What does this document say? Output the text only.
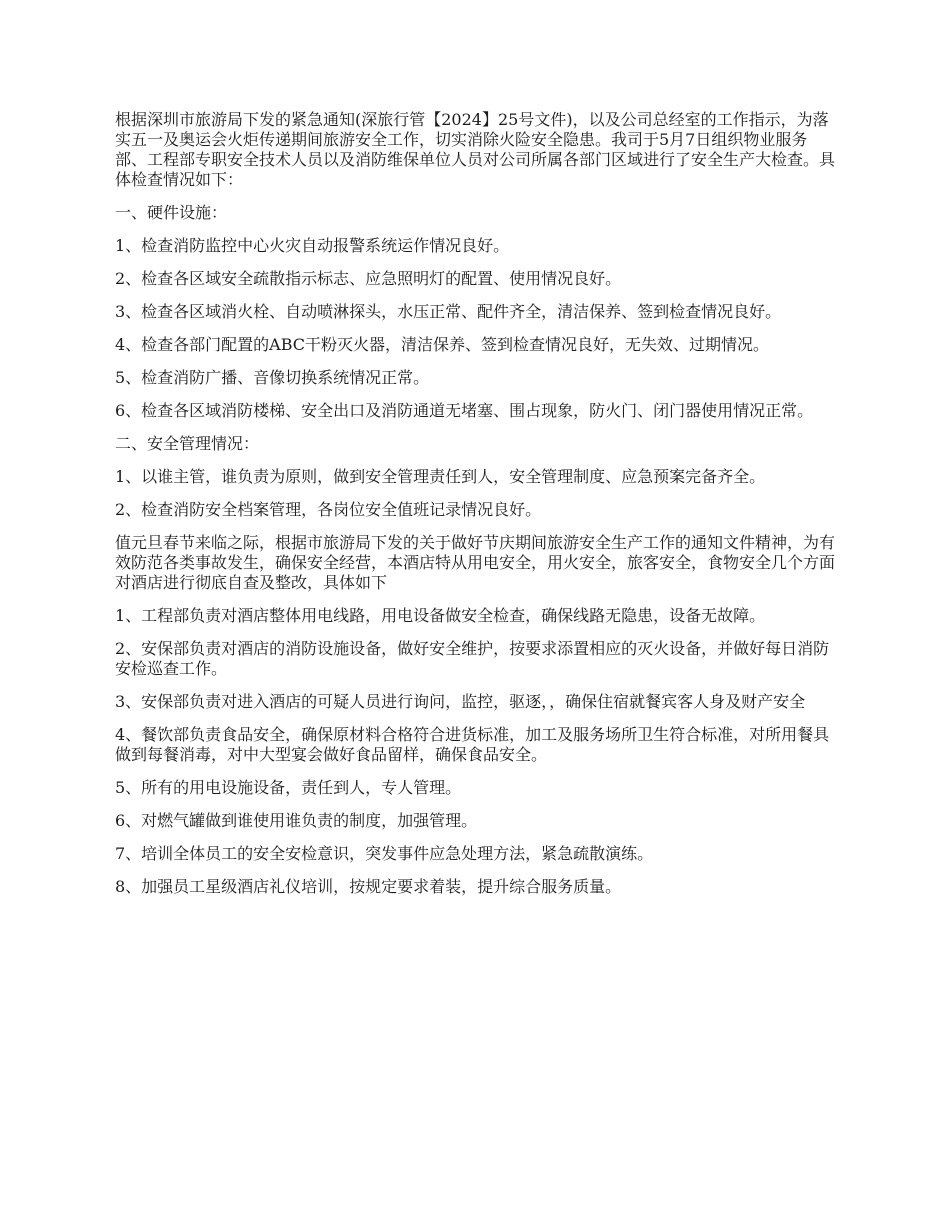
根据深圳市旅游局下发的紧急通知(深旅行管【2024】25号文件)，以及公司总经室的工作指示，为落实五一及奥运会火炬传递期间旅游安全工作，切实消除火险安全隐患。我司于5月7日组织物业服务部、工程部专职安全技术人员以及消防维保单位人员对公司所属各部门区域进行了安全生产大检查。具体检查情况如下：

一、硬件设施：

1、检查消防监控中心火灾自动报警系统运作情况良好。

2、检查各区域安全疏散指示标志、应急照明灯的配置、使用情况良好。

3、检查各区域消火栓、自动喷淋探头，水压正常、配件齐全，清洁保养、签到检查情况良好。

4、检查各部门配置的ABC干粉灭火器，清洁保养、签到检查情况良好，无失效、过期情况。

5、检查消防广播、音像切换系统情况正常。

6、检查各区域消防楼梯、安全出口及消防通道无堵塞、围占现象，防火门、闭门器使用情况正常。

二、安全管理情况：

1、以谁主管，谁负责为原则，做到安全管理责任到人，安全管理制度、应急预案完备齐全。

2、检查消防安全档案管理，各岗位安全值班记录情况良好。

值元旦春节来临之际，根据市旅游局下发的关于做好节庆期间旅游安全生产工作的通知文件精神，为有效防范各类事故发生，确保安全经营，本酒店特从用电安全，用火安全，旅客安全，食物安全几个方面对酒店进行彻底自查及整改，具体如下

1、工程部负责对酒店整体用电线路，用电设备做安全检查，确保线路无隐患，设备无故障。

2、安保部负责对酒店的消防设施设备，做好安全维护，按要求添置相应的灭火设备，并做好每日消防安检巡查工作。

3、安保部负责对进入酒店的可疑人员进行询问，监控，驱逐，，确保住宿就餐宾客人身及财产安全

4、餐饮部负责食品安全，确保原材料合格符合进货标准，加工及服务场所卫生符合标准，对所用餐具做到每餐消毒，对中大型宴会做好食品留样，确保食品安全。

5、所有的用电设施设备，责任到人，专人管理。

6、对燃气罐做到谁使用谁负责的制度，加强管理。

7、培训全体员工的安全安检意识，突发事件应急处理方法，紧急疏散演练。

8、加强员工星级酒店礼仪培训，按规定要求着装，提升综合服务质量。
